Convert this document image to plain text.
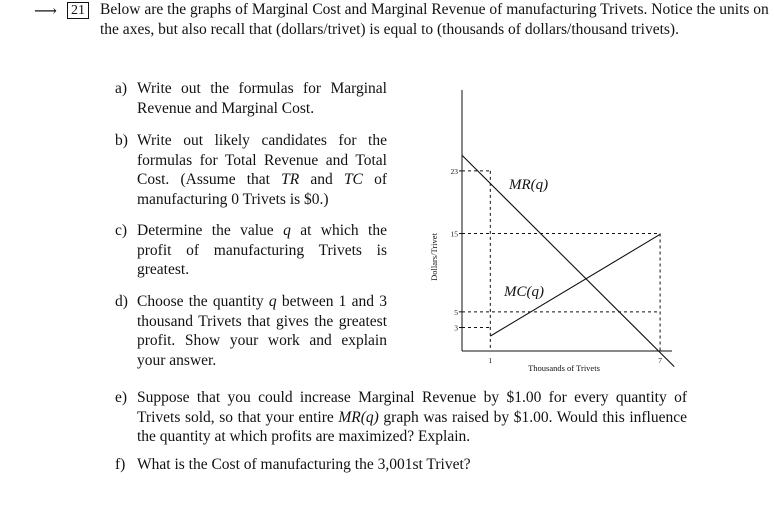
⟶ 21 Below are the graphs of Marginal Cost and Marginal Revenue of manufacturing Trivets. Notice the units on the axes, but also recall that (dollars/trivet) is equal to (thousands of dollars/thousand trivets).
a) Write out the formulas for Marginal Revenue and Marginal Cost.
b) Write out likely candidates for the formulas for Total Revenue and Total Cost. (Assume that TR and TC of manufacturing 0 Trivets is $0.)
c) Determine the value q at which the profit of manufacturing Trivets is greatest.
d) Choose the quantity q between 1 and 3 thousand Trivets that gives the greatest profit. Show your work and explain your answer.
e) Suppose that you could increase Marginal Revenue by $1.00 for every quantity of Trivets sold, so that your entire MR(q) graph was raised by $1.00. Would this influence the quantity at which profits are maximized? Explain.
f) What is the Cost of manufacturing the 3,001st Trivet?
23
15
5
3
1	7
MR(q)
MC(q)
Thousands of Trivets
Dollars/Trivet
